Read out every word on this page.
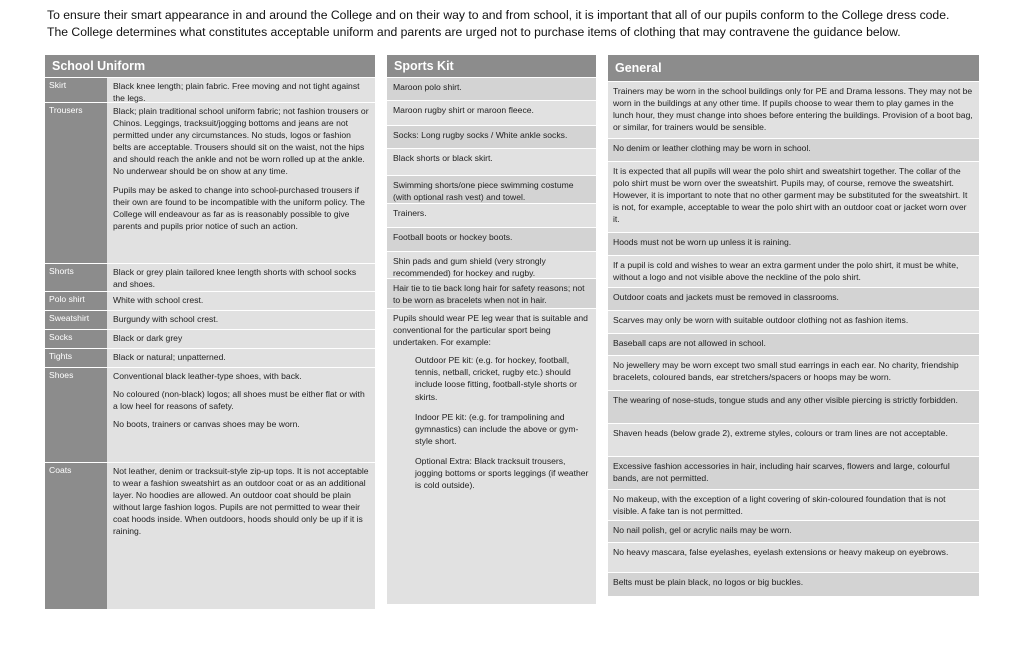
To ensure their smart appearance in and around the College and on their way to and from school, it is important that all of our pupils conform to the College dress code.
The College determines what constitutes acceptable uniform and parents are urged not to purchase items of clothing that may contravene the guidance below.
School Uniform
Skirt	Black knee length; plain fabric. Free moving and not tight against the legs.

Trousers	Black; plain traditional school uniform fabric; not fashion trousers or Chinos. Leggings, tracksuit/jogging bottoms and jeans are not permitted under any circumstances. No studs, logos or fashion belts are acceptable. Trousers should sit on the waist, not the hips and should reach the ankle and not be worn rolled up at the ankle. No underwear should be on show at any time.

Pupils may be asked to change into school-purchased trousers if their own are found to be incompatible with the uniform policy. The College will endeavour as far as is reasonably possible to give parents and pupils prior notice of such an action.

Shorts	Black or grey plain tailored knee length shorts with school socks and shoes.

Polo shirt	White with school crest.

Sweatshirt	Burgundy with school crest.

Socks	Black or dark grey

Tights	Black or natural; unpatterned.

Shoes	Conventional black leather-type shoes, with back.

No coloured (non-black) logos; all shoes must be either flat or with a low heel for reasons of safety.

No boots, trainers or canvas shoes may be worn.

Coats	Not leather, denim or tracksuit-style zip-up tops. It is not acceptable to wear a fashion sweatshirt as an outdoor coat or as an additional layer. No hoodies are allowed. An outdoor coat should be plain without large fashion logos. Pupils are not permitted to wear their coat hoods inside. When outdoors, hoods should only be up if it is raining.

Sports Kit
Maroon polo shirt.
Maroon rugby shirt or maroon fleece.
Socks: Long rugby socks / White ankle socks.
Black shorts or black skirt.
Swimming shorts/one piece swimming costume (with optional rash vest) and towel.
Trainers.
Football boots or hockey boots.
Shin pads and gum shield (very strongly recommended) for hockey and rugby.
Hair tie to tie back long hair for safety reasons; not to be worn as bracelets when not in hair.

Pupils should wear PE leg wear that is suitable and conventional for the particular sport being undertaken. For example:

Outdoor PE kit: (e.g. for hockey, football, tennis, netball, cricket, rugby etc.) should include loose fitting, football-style shorts or skirts.

Indoor PE kit: (e.g. for trampolining and gymnastics) can include the above or gym-style short.

Optional Extra: Black tracksuit trousers, jogging bottoms or sports leggings (if weather is cold outside).

General
Trainers may be worn in the school buildings only for PE and Drama lessons. They may not be worn in the buildings at any other time. If pupils choose to wear them to play games in the lunch hour, they must change into shoes before entering the buildings. Provision of a boot bag, or similar, for trainers would be sensible.
No denim or leather clothing may be worn in school.
It is expected that all pupils will wear the polo shirt and sweatshirt together. The collar of the polo shirt must be worn over the sweatshirt. Pupils may, of course, remove the sweatshirt. However, it is important to note that no other garment may be substituted for the sweatshirt. It is not, for example, acceptable to wear the polo shirt with an outdoor coat or jacket worn over it.
Hoods must not be worn up unless it is raining.
If a pupil is cold and wishes to wear an extra garment under the polo shirt, it must be white, without a logo and not visible above the neckline of the polo shirt.
Outdoor coats and jackets must be removed in classrooms.
Scarves may only be worn with suitable outdoor clothing not as fashion items.
Baseball caps are not allowed in school.
No jewellery may be worn except two small stud earrings in each ear. No charity, friendship bracelets, coloured bands, ear stretchers/spacers or hoops may be worn.
The wearing of nose-studs, tongue studs and any other visible piercing is strictly forbidden.
Shaven heads (below grade 2), extreme styles, colours or tram lines are not acceptable.
Excessive fashion accessories in hair, including hair scarves, flowers and large, colourful bands, are not permitted.
No makeup, with the exception of a light covering of skin-coloured foundation that is not visible. A fake tan is not permitted.
No nail polish, gel or acrylic nails may be worn.
No heavy mascara, false eyelashes, eyelash extensions or heavy makeup on eyebrows.
Belts must be plain black, no logos or big buckles.
